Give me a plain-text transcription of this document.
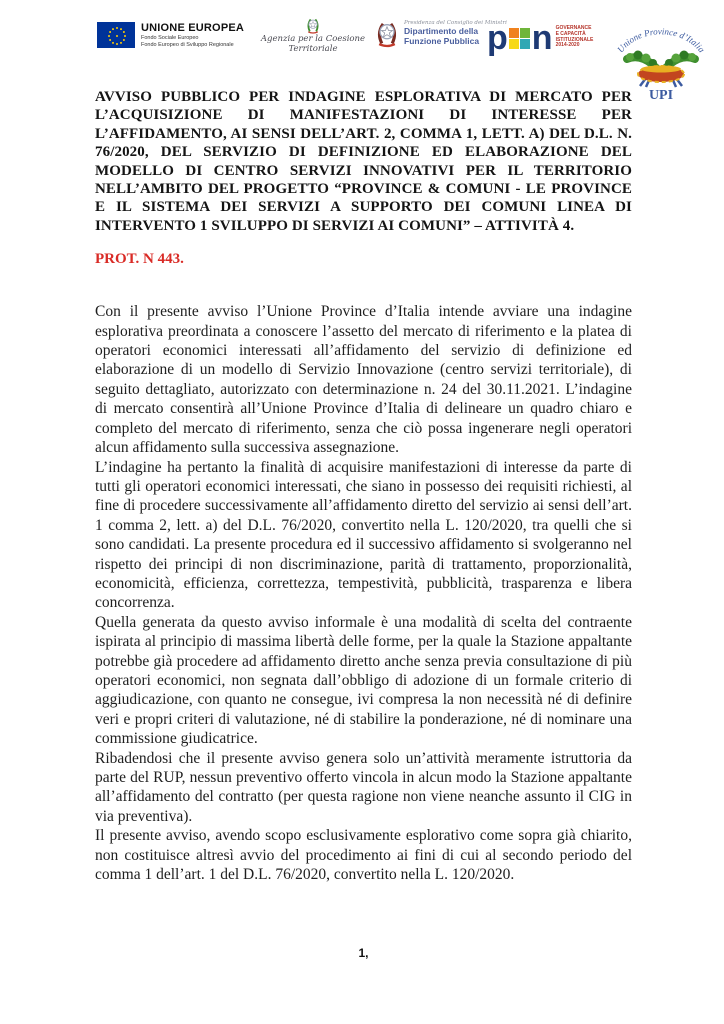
UNIONE EUROPEA
Fondo Sociale Europeo
Fondo Europeo di Sviluppo Regionale
Agenzia per la Coesione Territoriale
Presidenza del Consiglio dei Ministri
Dipartimento della
Funzione Pubblica p n GOVERNANCE
E CAPACITÀ
ISTITUZIONALE
2014-2020	Unione Province d’Italia
UPI
AVVISO PUBBLICO PER INDAGINE ESPLORATIVA DI MERCATO PER L’ACQUISIZIONE DI MANIFESTAZIONI DI INTERESSE PER L’AFFIDAMENTO, AI SENSI DELL’ART. 2, COMMA 1, LETT. A) DEL D.L. N. 76/2020, DEL SERVIZIO DI DEFINIZIONE ED ELABORAZIONE DEL MODELLO DI CENTRO SERVIZI INNOVATIVI PER IL TERRITORIO NELL’AMBITO DEL PROGETTO “PROVINCE & COMUNI - LE PROVINCE E IL SISTEMA DEI SERVIZI A SUPPORTO DEI COMUNI LINEA DI INTERVENTO 1 SVILUPPO DI SERVIZI AI COMUNI” – ATTIVITÀ 4.

PROT. N 443.

Con il presente avviso l’Unione Province d’Italia intende avviare una indagine esplorativa preordinata a conoscere l’assetto del mercato di riferimento e la platea di operatori economici interessati all’affidamento del servizio di definizione ed elaborazione di un modello di Servizio Innovazione (centro servizi territoriale), di seguito dettagliato, autorizzato con determinazione n. 24 del 30.11.2021. L’indagine di mercato consentirà all’Unione Province d’Italia di delineare un quadro chiaro e completo del mercato di riferimento, senza che ciò possa ingenerare negli operatori alcun affidamento sulla successiva assegnazione.

L’indagine ha pertanto la finalità di acquisire manifestazioni di interesse da parte di tutti gli operatori economici interessati, che siano in possesso dei requisiti richiesti, al fine di procedere successivamente all’affidamento diretto del servizio ai sensi dell’art. 1 comma 2, lett. a) del D.L. 76/2020, convertito nella L. 120/2020, tra quelli che si sono candidati. La presente procedura ed il successivo affidamento si svolgeranno nel rispetto dei principi di non discriminazione, parità di trattamento, proporzionalità, economicità, efficienza, correttezza, tempestività, pubblicità, trasparenza e libera concorrenza.

Quella generata da questo avviso informale è una modalità di scelta del contraente ispirata al principio di massima libertà delle forme, per la quale la Stazione appaltante potrebbe già procedere ad affidamento diretto anche senza previa consultazione di più operatori economici, non segnata dall’obbligo di adozione di un formale criterio di aggiudicazione, con quanto ne consegue, ivi compresa la non necessità né di definire veri e propri criteri di valutazione, né di stabilire la ponderazione, né di nominare una commissione giudicatrice.

Ribadendosi che il presente avviso genera solo un’attività meramente istruttoria da parte del RUP, nessun preventivo offerto vincola in alcun modo la Stazione appaltante all’affidamento del contratto (per questa ragione non viene neanche assunto il CIG in via preventiva).

Il presente avviso, avendo scopo esclusivamente esplorativo come sopra già chiarito, non costituisce altresì avvio del procedimento ai fini di cui al secondo periodo del comma 1 dell’art. 1 del D.L. 76/2020, convertito nella L. 120/2020.

1,
